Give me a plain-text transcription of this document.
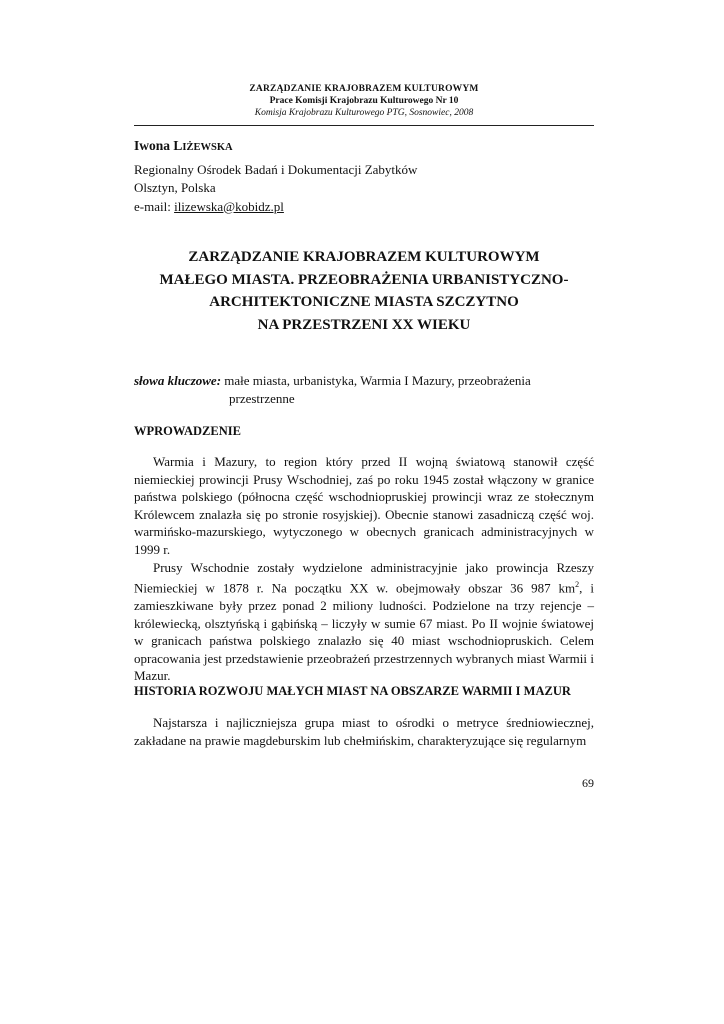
ZARZĄDZANIE KRAJOBRAZEM KULTUROWYM
Prace Komisji Krajobrazu Kulturowego Nr 10
Komisja Krajobrazu Kulturowego PTG, Sosnowiec, 2008
Iwona LIŻEWSKA
Regionalny Ośrodek Badań i Dokumentacji Zabytków
Olsztyn, Polska
e-mail: ilizewska@kobidz.pl
ZARZĄDZANIE KRAJOBRAZEM KULTUROWYM
MAŁEGO MIASTA. PRZEOBRAŻENIA URBANISTYCZNO-
ARCHITEKTONICZNE MIASTA SZCZYTNO
NA PRZESTRZENI XX WIEKU
słowa kluczowe: małe miasta, urbanistyka, Warmia I Mazury, przeobrażenia
przestrzenne
WPROWADZENIE

Warmia i Mazury, to region który przed II wojną światową stanowił część niemieckiej prowincji Prusy Wschodniej, zaś po roku 1945 został włączony w granice państwa polskiego (północna część wschodniopruskiej prowincji wraz ze stołecznym Królewcem znalazła się po stronie rosyjskiej). Obecnie stanowi zasadniczą część woj. warmińsko-mazurskiego, wytyczonego w obecnych granicach administracyjnych w 1999 r.

Prusy Wschodnie zostały wydzielone administracyjnie jako prowincja Rzeszy Niemieckiej w 1878 r. Na początku XX w. obejmowały obszar 36 987 $km^2$, i zamieszkiwane były przez ponad 2 miliony ludności. Podzielone na trzy rejencje – królewiecką, olsztyńską i gąbińską – liczyły w sumie 67 miast. Po II wojnie światowej w granicach państwa polskiego znalazło się 40 miast wschodniopruskich. Celem opracowania jest przedstawienie przeobrażeń przestrzennych wybranych miast Warmii i Mazur.

HISTORIA ROZWOJU MAŁYCH MIAST NA OBSZARZE WARMII I MAZUR

Najstarsza i najliczniejsza grupa miast to ośrodki o metryce średniowiecznej, zakładane na prawie magdeburskim lub chełmińskim, charakteryzujące się regularnym

69
